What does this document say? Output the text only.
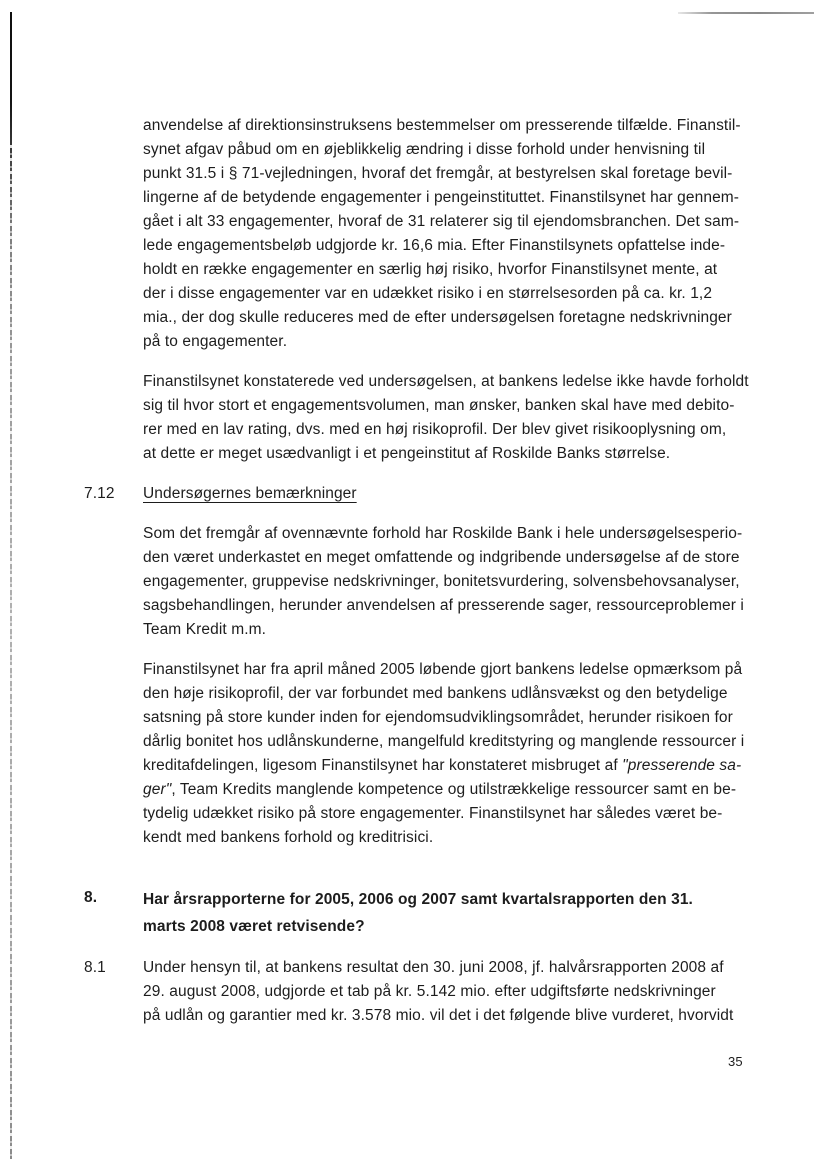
anvendelse af direktionsinstruksens bestemmelser om presserende tilfælde. Finanstil-
synet afgav påbud om en øjeblikkelig ændring i disse forhold under henvisning til
punkt 31.5 i § 71-vejledningen, hvoraf det fremgår, at bestyrelsen skal foretage bevil-
lingerne af de betydende engagementer i pengeinstituttet. Finanstilsynet har gennem-
gået i alt 33 engagementer, hvoraf de 31 relaterer sig til ejendomsbranchen. Det sam-
lede engagementsbeløb udgjorde kr. 16,6 mia. Efter Finanstilsynets opfattelse inde-
holdt en række engagementer en særlig høj risiko, hvorfor Finanstilsynet mente, at
der i disse engagementer var en udækket risiko i en størrelsesorden på ca. kr. 1,2
mia., der dog skulle reduceres med de efter undersøgelsen foretagne nedskrivninger
på to engagementer.
Finanstilsynet konstaterede ved undersøgelsen, at bankens ledelse ikke havde forholdt
sig til hvor stort et engagementsvolumen, man ønsker, banken skal have med debito-
rer med en lav rating, dvs. med en høj risikoprofil. Der blev givet risikooplysning om,
at dette er meget usædvanligt i et pengeinstitut af Roskilde Banks størrelse.
7.12	Undersøgernes bemærkninger
Som det fremgår af ovennævnte forhold har Roskilde Bank i hele undersøgelsesperio-
den været underkastet en meget omfattende og indgribende undersøgelse af de store
engagementer, gruppevise nedskrivninger, bonitetsvurdering, solvensbehovsanalyser,
sagsbehandlingen, herunder anvendelsen af presserende sager, ressourceproblemer i
Team Kredit m.m.
Finanstilsynet har fra april måned 2005 løbende gjort bankens ledelse opmærksom på
den høje risikoprofil, der var forbundet med bankens udlånsvækst og den betydelige
satsning på store kunder inden for ejendomsudviklingsområdet, herunder risikoen for
dårlig bonitet hos udlånskunderne, mangelfuld kreditstyring og manglende ressourcer i
kreditafdelingen, ligesom Finanstilsynet har konstateret misbruget af "presserende sa-
ger", Team Kredits manglende kompetence og utilstrækkelige ressourcer samt en be-
tydelig udækket risiko på store engagementer. Finanstilsynet har således været be-
kendt med bankens forhold og kreditrisici.
8.	Har årsrapporterne for 2005, 2006 og 2007 samt kvartalsrapporten den 31.
marts 2008 været retvisende?
8.1	Under hensyn til, at bankens resultat den 30. juni 2008, jf. halvårsrapporten 2008 af
29. august 2008, udgjorde et tab på kr. 5.142 mio. efter udgiftsførte nedskrivninger
på udlån og garantier med kr. 3.578 mio. vil det i det følgende blive vurderet, hvorvidt
35
